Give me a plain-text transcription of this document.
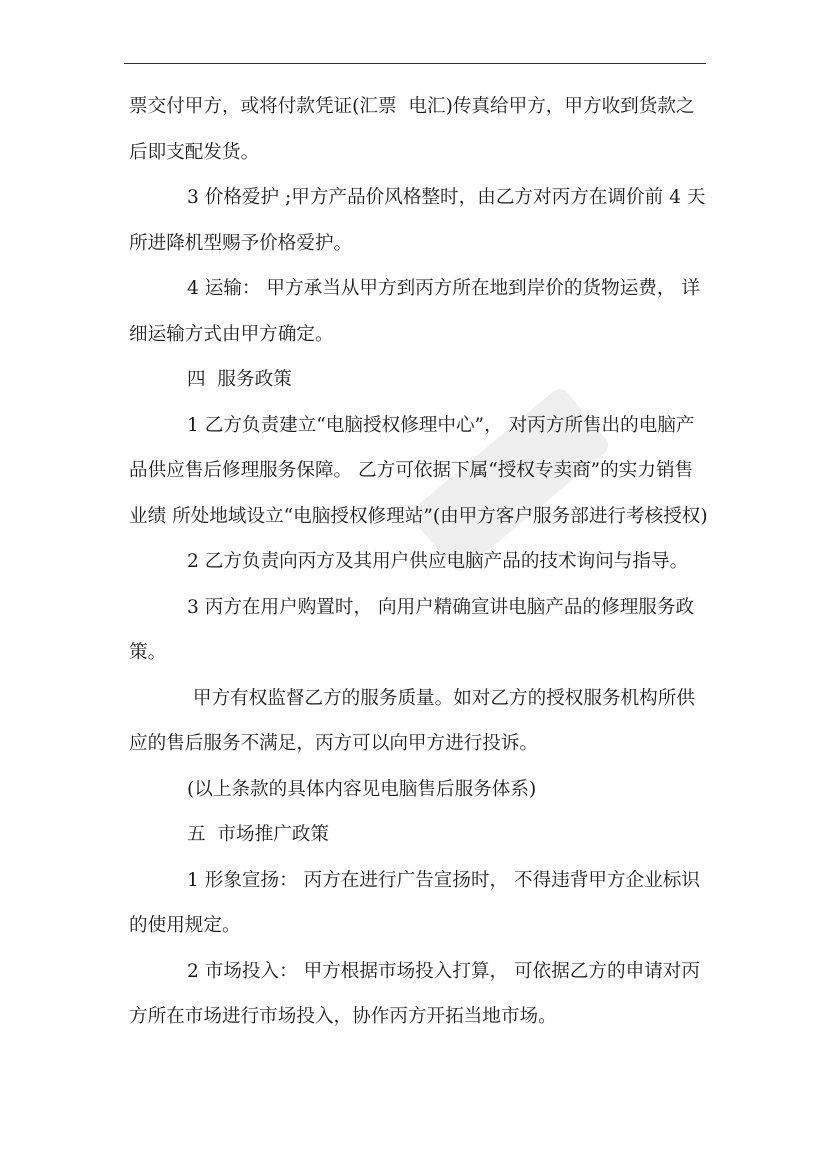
票交付甲方，或将付款凭证(汇票  电汇)传真给甲方，甲方收到货款之后即支配发货。

3 价格爱护 ;甲方产品价风格整时，由乙方对丙方在调价前 4 天所进降机型赐予价格爱护。

4 运输： 甲方承当从甲方到丙方所在地到岸价的货物运费， 详细运输方式由甲方确定。

四  服务政策

1 乙方负责建立“电脑授权修理中心”， 对丙方所售出的电脑产品供应售后修理服务保障。 乙方可依据下属“授权专卖商”的实力销售业绩 所处地域设立“电脑授权修理站”(由甲方客户服务部进行考核授权)

2 乙方负责向丙方及其用户供应电脑产品的技术询问与指导。

3 丙方在用户购置时， 向用户精确宣讲电脑产品的修理服务政策。

甲方有权监督乙方的服务质量。如对乙方的授权服务机构所供应的售后服务不满足，丙方可以向甲方进行投诉。

(以上条款的具体内容见电脑售后服务体系)

五  市场推广政策

1 形象宣扬： 丙方在进行广告宣扬时， 不得违背甲方企业标识的使用规定。

2 市场投入： 甲方根据市场投入打算， 可依据乙方的申请对丙方所在市场进行市场投入，协作丙方开拓当地市场。
